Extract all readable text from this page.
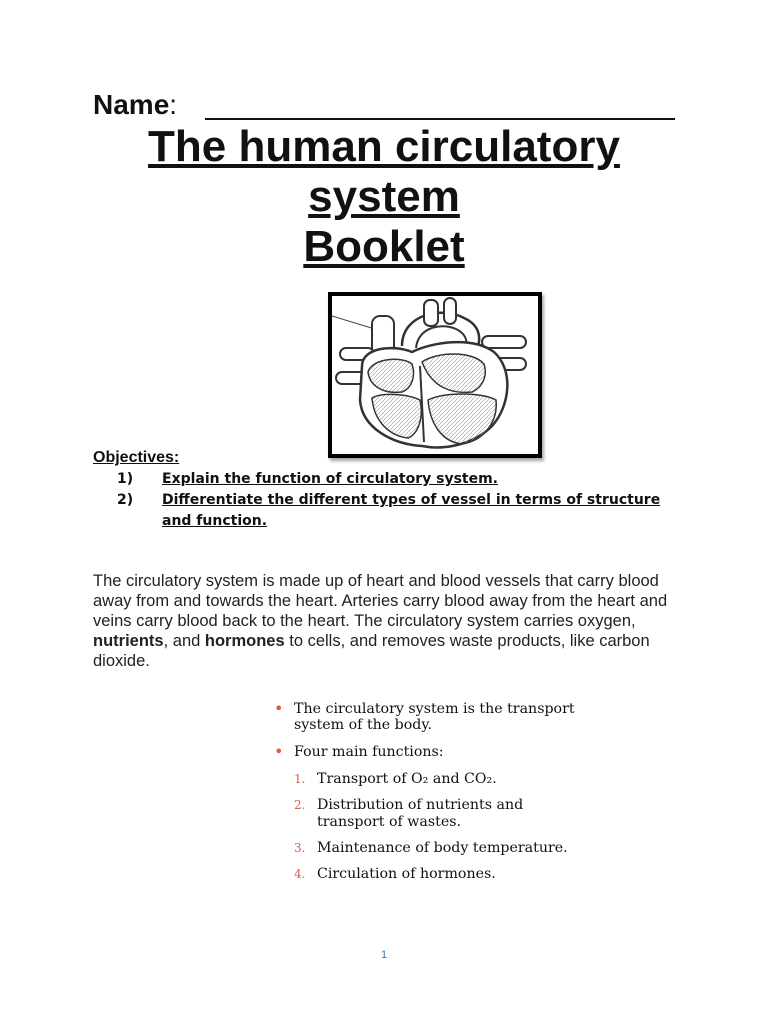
Name:
The human circulatory
system
Booklet
Objectives:
1) Explain the function of circulatory system.
2) Differentiate the different types of vessel in terms of structure and function.
The circulatory system is made up of heart and blood vessels that carry blood away from and towards the heart. Arteries carry blood away from the heart and veins carry blood back to the heart. The circulatory system carries oxygen, nutrients, and hormones to cells, and removes waste products, like carbon dioxide.
• The circulatory system is the transport system of the body.
• Four main functions:
1. Transport of O₂ and CO₂.
2. Distribution of nutrients and transport of wastes.
3. Maintenance of body temperature.
4. Circulation of hormones.
1
